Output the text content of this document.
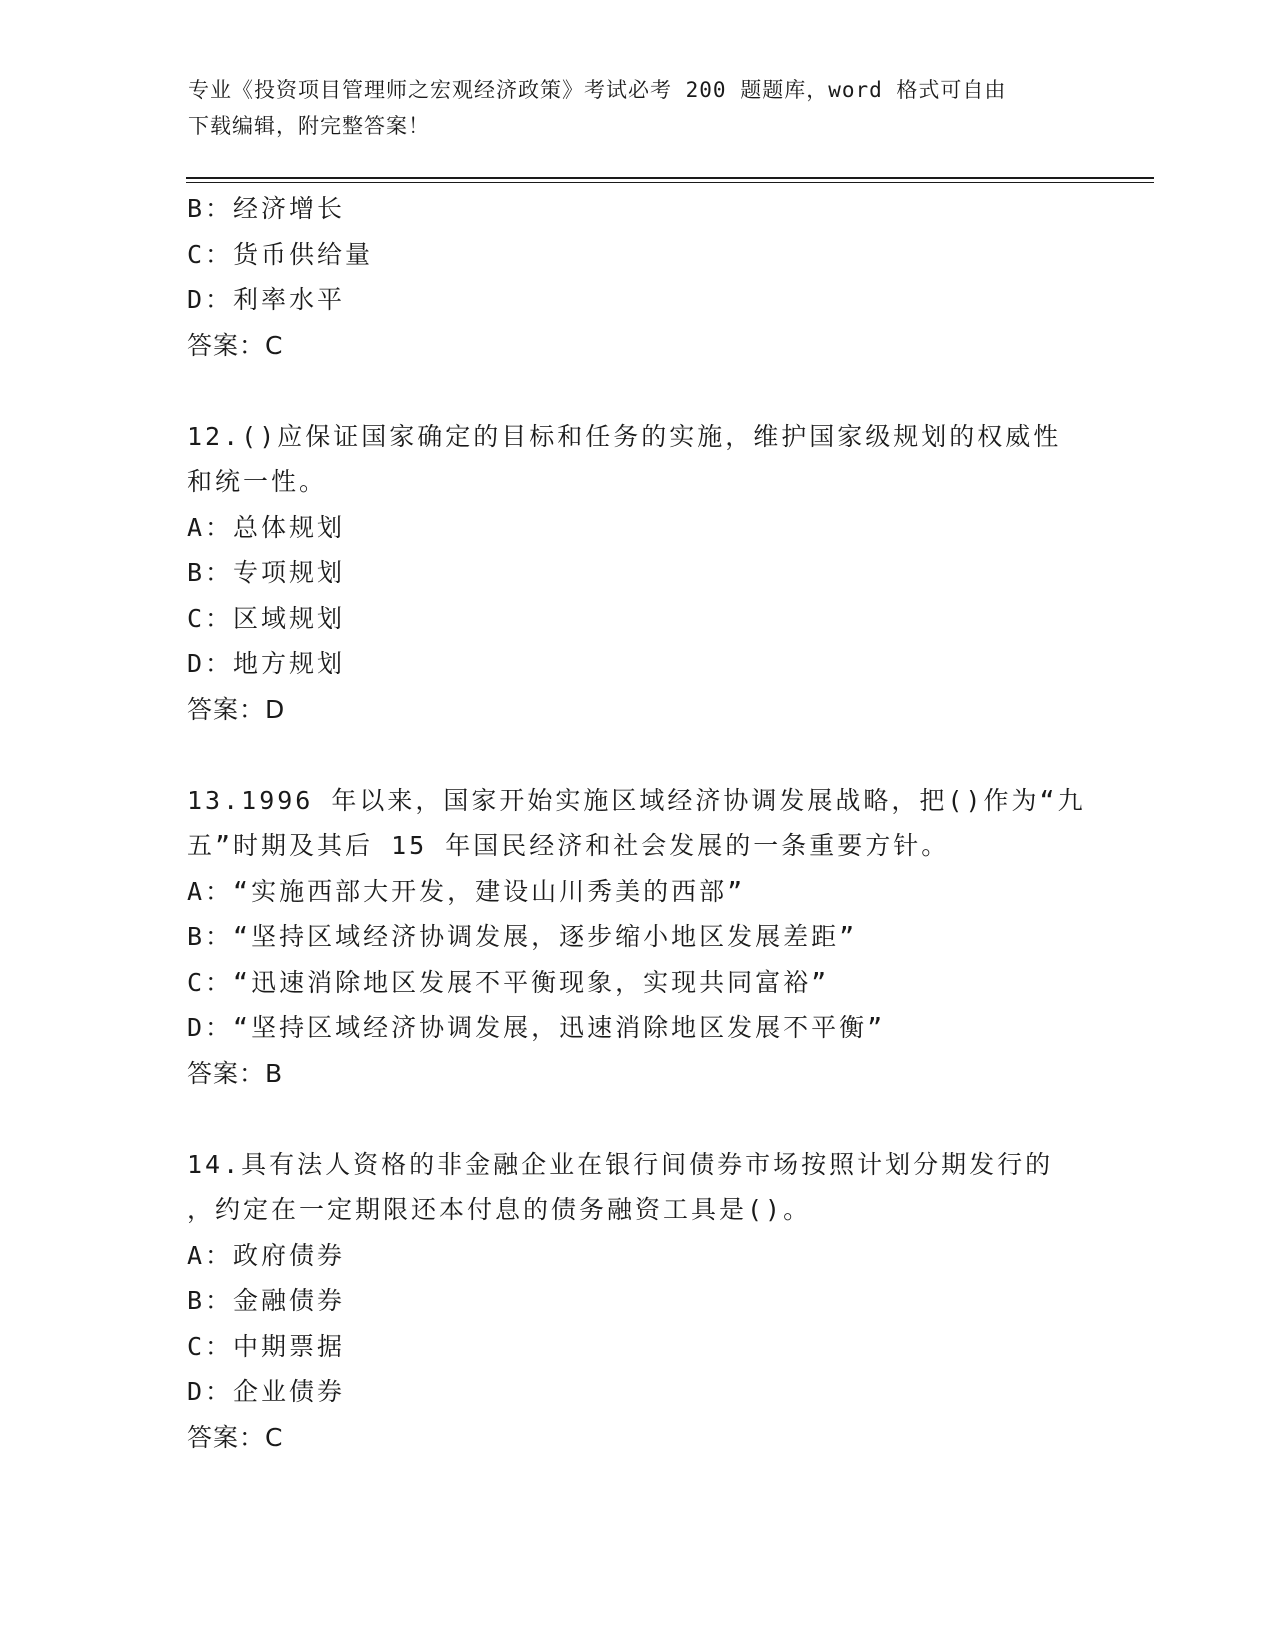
专业《投资项目管理师之宏观经济政策》考试必考 200 题题库，word 格式可自由
下载编辑，附完整答案！
B：经济增长
C：货币供给量
D：利率水平
答案：C
12.()应保证国家确定的目标和任务的实施，维护国家级规划的权威性
和统一性。
A：总体规划
B：专项规划
C：区域规划
D：地方规划
答案：D
13.1996 年以来，国家开始实施区域经济协调发展战略，把()作为“九
五”时期及其后 15 年国民经济和社会发展的一条重要方针。
A：“实施西部大开发，建设山川秀美的西部”
B：“坚持区域经济协调发展，逐步缩小地区发展差距”
C：“迅速消除地区发展不平衡现象，实现共同富裕”
D：“坚持区域经济协调发展，迅速消除地区发展不平衡”
答案：B
14.具有法人资格的非金融企业在银行间债券市场按照计划分期发行的
，约定在一定期限还本付息的债务融资工具是()。
A：政府债券
B：金融债券
C：中期票据
D：企业债券
答案：C
